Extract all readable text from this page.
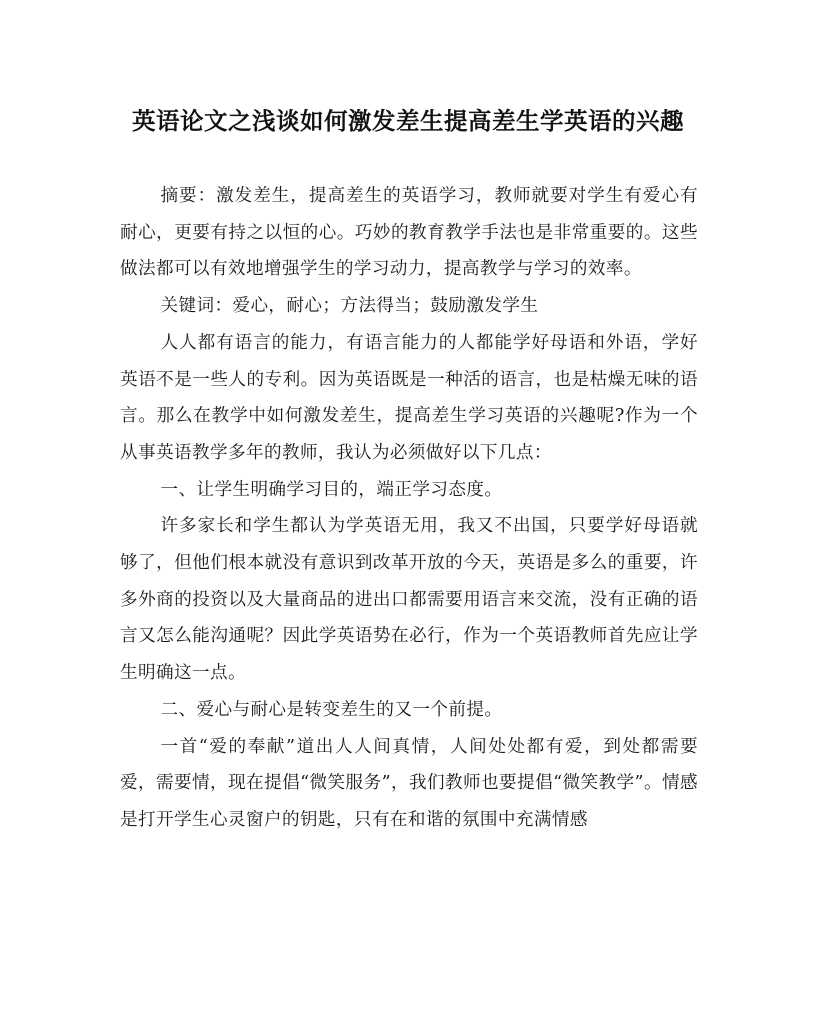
英语论文之浅谈如何激发差生提高差生学英语的兴趣

摘要：激发差生，提高差生的英语学习，教师就要对学生有爱心有耐心，更要有持之以恒的心。巧妙的教育教学手法也是非常重要的。这些做法都可以有效地增强学生的学习动力，提高教学与学习的效率。

关键词：爱心，耐心；方法得当；鼓励激发学生

人人都有语言的能力，有语言能力的人都能学好母语和外语，学好英语不是一些人的专利。因为英语既是一种活的语言，也是枯燥无味的语言。那么在教学中如何激发差生，提高差生学习英语的兴趣呢?作为一个从事英语教学多年的教师，我认为必须做好以下几点：

一、让学生明确学习目的，端正学习态度。

许多家长和学生都认为学英语无用，我又不出国，只要学好母语就够了，但他们根本就没有意识到改革开放的今天，英语是多么的重要，许多外商的投资以及大量商品的进出口都需要用语言来交流，没有正确的语言又怎么能沟通呢？因此学英语势在必行，作为一个英语教师首先应让学生明确这一点。

二、爱心与耐心是转变差生的又一个前提。

一首“爱的奉献”道出人人间真情，人间处处都有爱，到处都需要爱，需要情，现在提倡“微笑服务”，我们教师也要提倡“微笑教学”。情感是打开学生心灵窗户的钥匙，只有在和谐的氛围中充满情感
